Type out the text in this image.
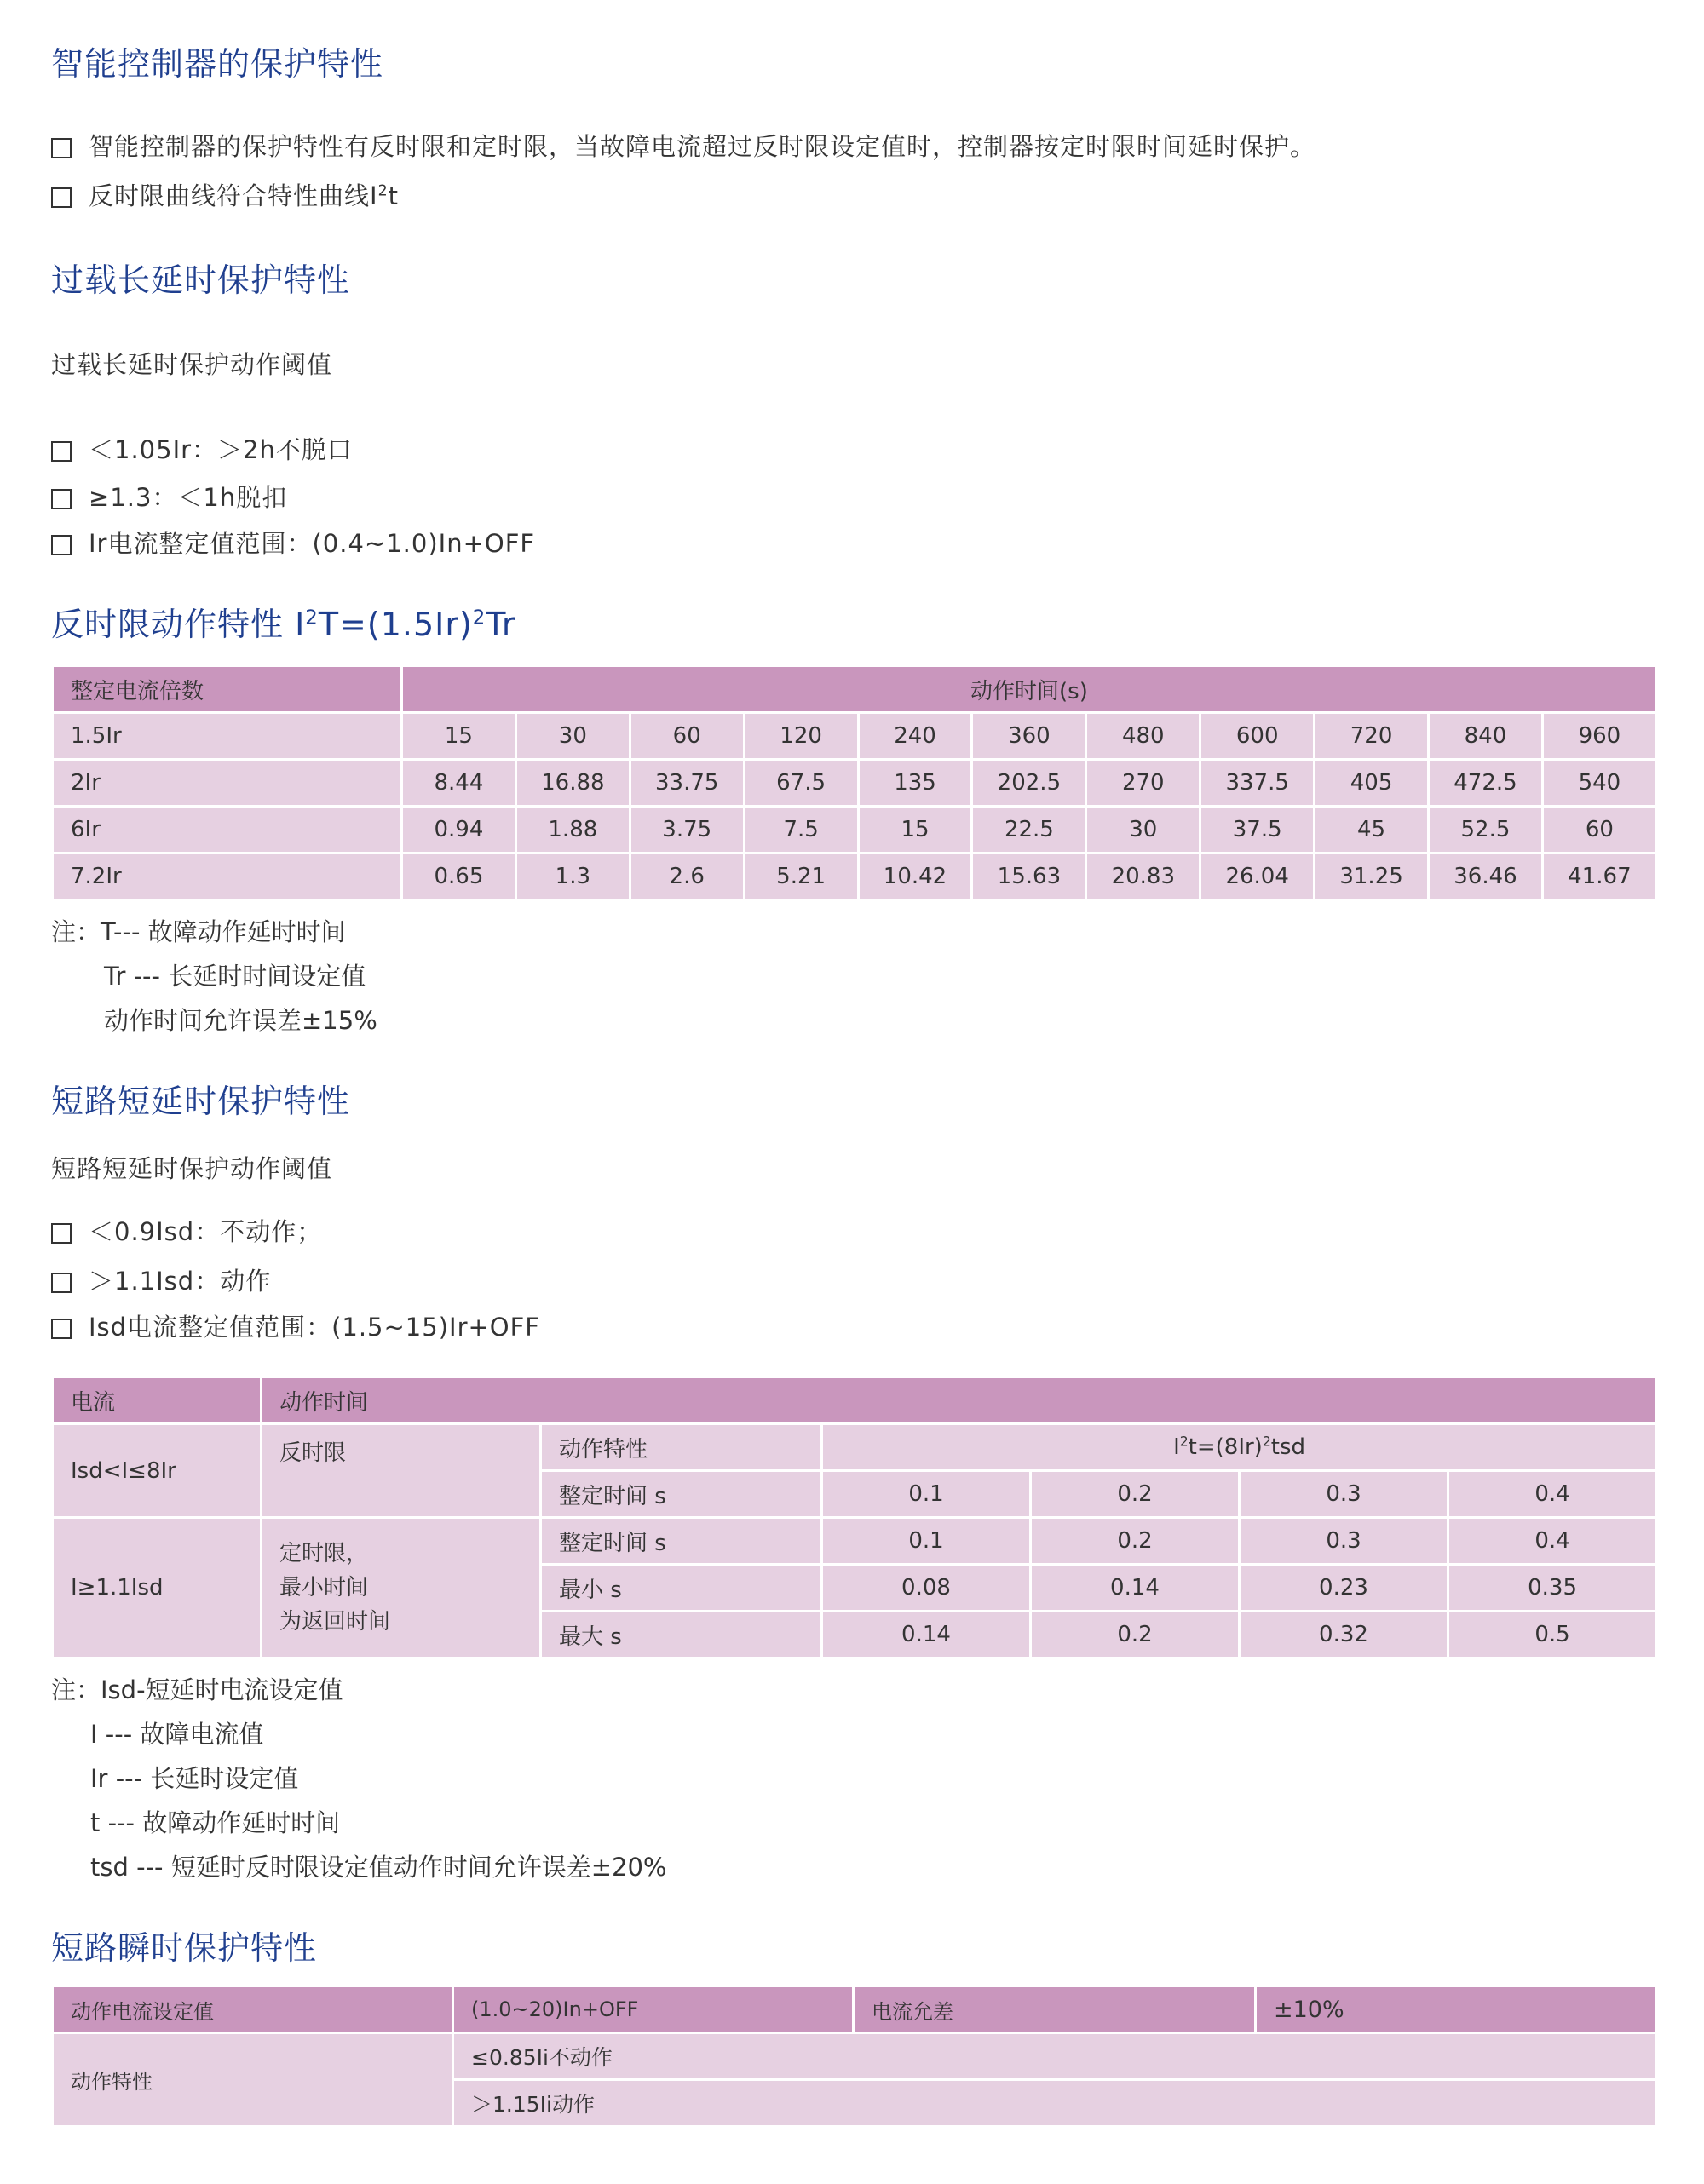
智能控制器的保护特性
智能控制器的保护特性有反时限和定时限，当故障电流超过反时限设定值时，控制器按定时限时间延时保护。
反时限曲线符合特性曲线$I^2t$
过载长延时保护特性
过载长延时保护动作阈值
＜1.05Ir：＞2h不脱口
≥1.3：＜1h脱扣
Ir电流整定值范围：(0.4~1.0)In+OFF
反时限动作特性 $I^2T=(1.5Ir)^2Tr$
整定电流倍数	动作时间(s)										
1.5Ir	15	30	60	120	240	360	480	600	720	840	960
2Ir	8.44	16.88	33.75	67.5	135	202.5	270	337.5	405	472.5	540
6Ir	0.94	1.88	3.75	7.5	15	22.5	30	37.5	45	52.5	60
7.2Ir	0.65	1.3	2.6	5.21	10.42	15.63	20.83	26.04	31.25	36.46	41.67
注：T--- 故障动作延时时间
Tr --- 长延时时间设定值
动作时间允许误差±15%
短路短延时保护特性
短路短延时保护动作阈值
＜0.9Isd：不动作；
＞1.1Isd：动作
Isd电流整定值范围：(1.5~15)Ir+OFF
电流	动作时间					
Isd<I≤8Ir	反时限	动作特性	$I^2t=(8Ir)^2tsd$			
		整定时间 s	0.1	0.2	0.3	0.4
I≥1.1Isd	定时限，
最小时间
为返回时间	整定时间 s	0.1	0.2	0.3	0.4
		最小 s	0.08	0.14	0.23	0.35
		最大 s	0.14	0.2	0.32	0.5
注：Isd-短延时电流设定值
I --- 故障电流值
Ir --- 长延时设定值
t --- 故障动作延时时间
tsd --- 短延时反时限设定值动作时间允许误差±20%
短路瞬时保护特性
动作电流设定值	(1.0~20)In+OFF	电流允差	±10%
动作特性	≤0.85Ii不动作		
	＞1.15Ii动作		
